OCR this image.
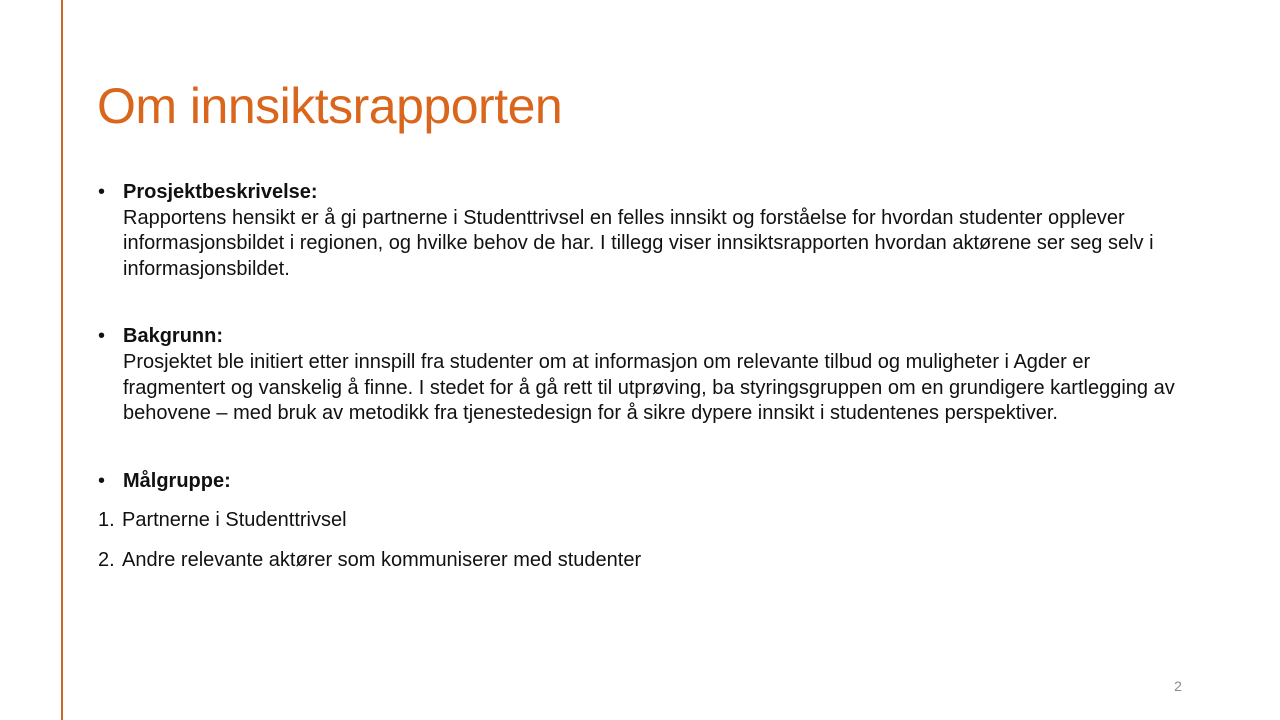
Om innsiktsrapporten
• Prosjektbeskrivelse:
Rapportens hensikt er å gi partnerne i Studenttrivsel en felles innsikt og forståelse for hvordan studenter opplever informasjonsbildet i regionen, og hvilke behov de har. I tillegg viser innsiktsrapporten hvordan aktørene ser seg selv i informasjonsbildet.
• Bakgrunn:
Prosjektet ble initiert etter innspill fra studenter om at informasjon om relevante tilbud og muligheter i Agder er fragmentert og vanskelig å finne. I stedet for å gå rett til utprøving, ba styringsgruppen om en grundigere kartlegging av behovene – med bruk av metodikk fra tjenestedesign for å sikre dypere innsikt i studentenes perspektiver.
• Målgruppe:
1. Partnerne i Studenttrivsel
2. Andre relevante aktører som kommuniserer med studenter
2
